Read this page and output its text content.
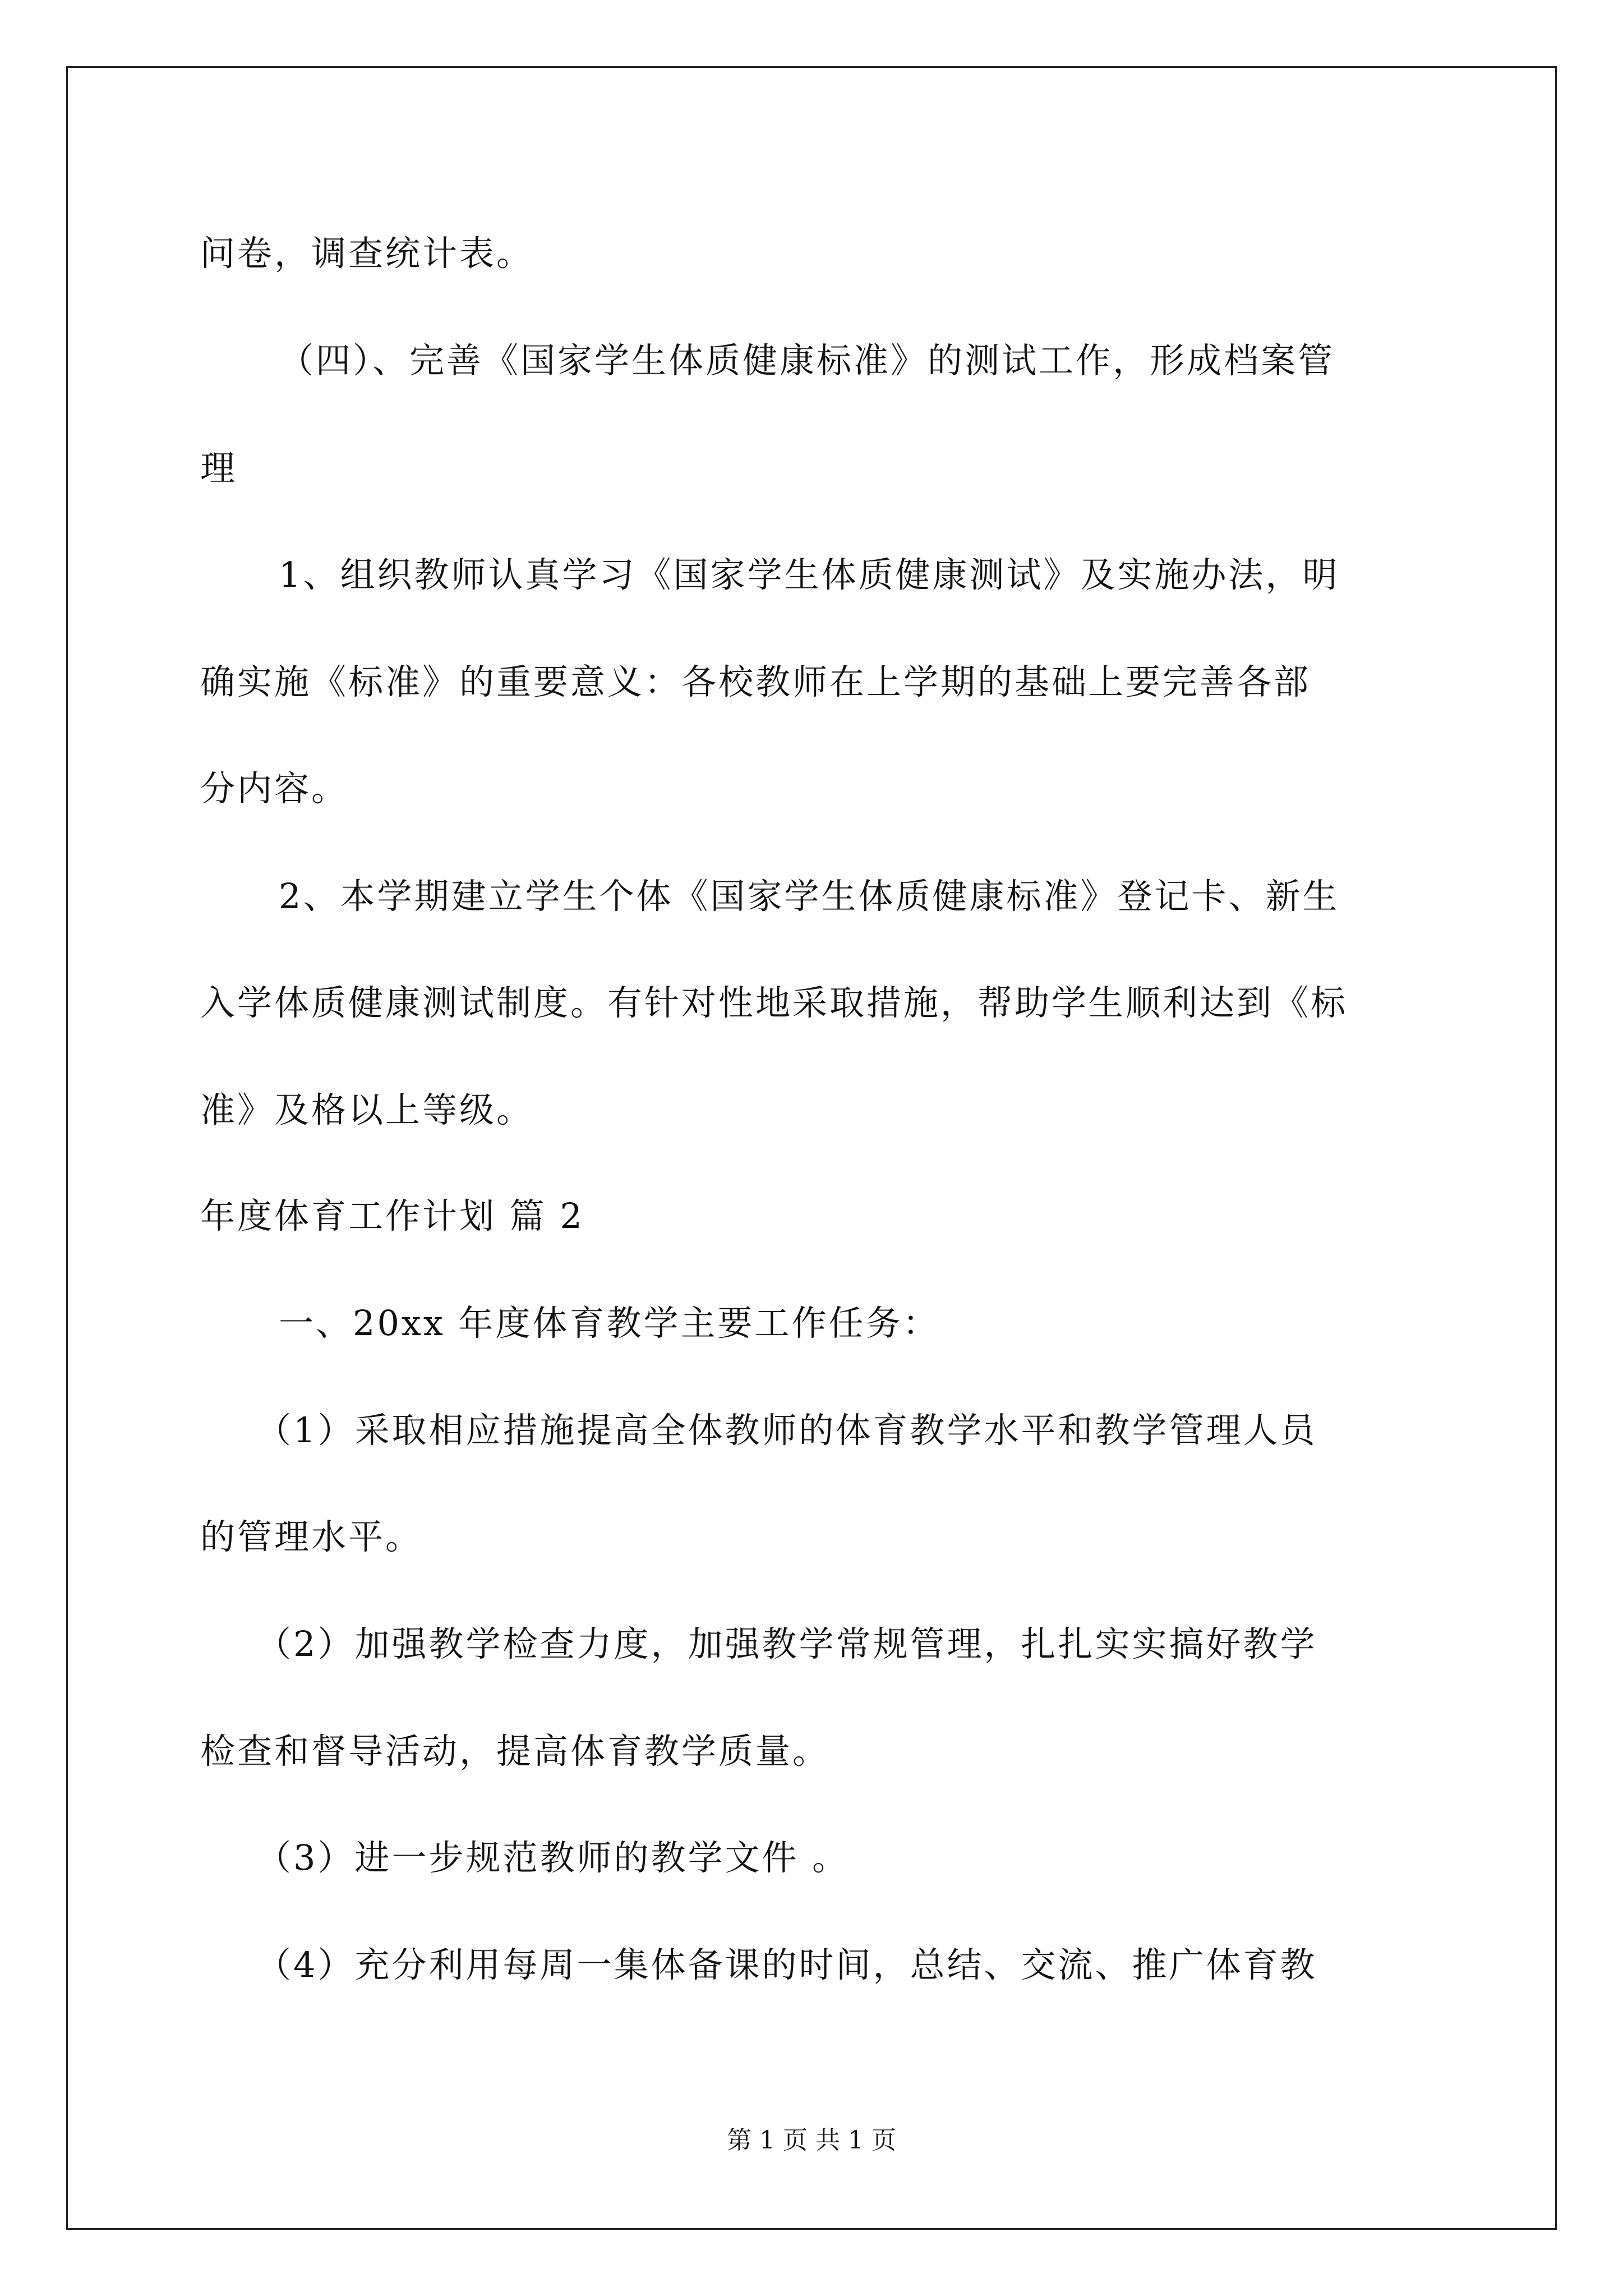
问卷，调查统计表。
（四）、完善《国家学生体质健康标准》的测试工作，形成档案管
理
1、组织教师认真学习《国家学生体质健康测试》及实施办法，明
确实施《标准》的重要意义：各校教师在上学期的基础上要完善各部
分内容。
2、本学期建立学生个体《国家学生体质健康标准》登记卡、新生
入学体质健康测试制度。有针对性地采取措施，帮助学生顺利达到《标
准》及格以上等级。
年度体育工作计划 篇 2
一、20xx 年度体育教学主要工作任务：
（1）采取相应措施提高全体教师的体育教学水平和教学管理人员
的管理水平。
（2）加强教学检查力度，加强教学常规管理，扎扎实实搞好教学
检查和督导活动，提高体育教学质量。
（3）进一步规范教师的教学文件 。
（4）充分利用每周一集体备课的时间，总结、交流、推广体育教
第 1 页 共 1 页
